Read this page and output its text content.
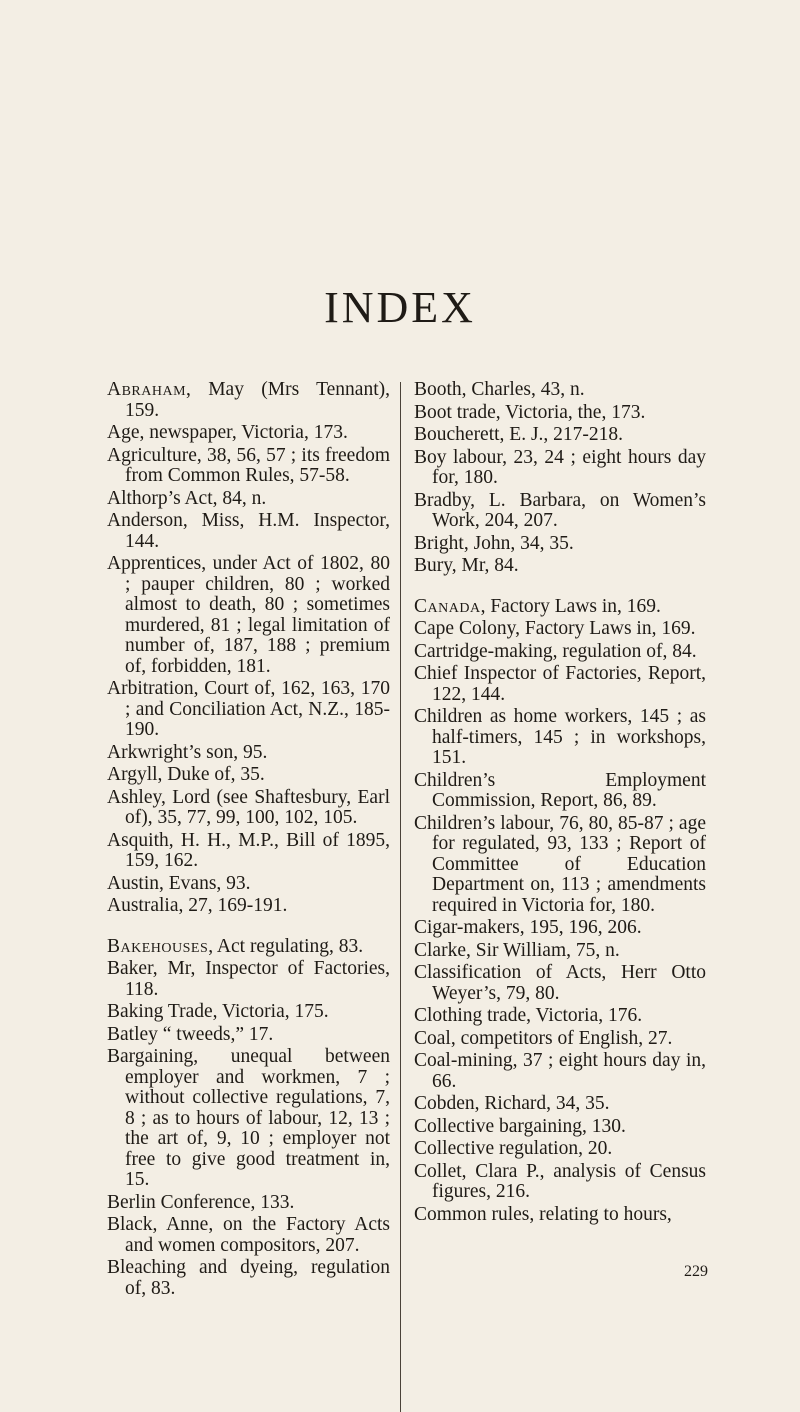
INDEX

Abraham, May (Mrs Tennant), 159.

Age, newspaper, Victoria, 173.

Agriculture, 38, 56, 57 ; its freedom from Common Rules, 57-58.

Althorp’s Act, 84, n.

Anderson, Miss, H.M. Inspector, 144.

Apprentices, under Act of 1802, 80 ; pauper children, 80 ; worked almost to death, 80 ; sometimes murdered, 81 ; legal limitation of number of, 187, 188 ; premium of, forbidden, 181.

Arbitration, Court of, 162, 163, 170 ; and Conciliation Act, N.Z., 185-190.

Arkwright’s son, 95.

Argyll, Duke of, 35.

Ashley, Lord (see Shaftesbury, Earl of), 35, 77, 99, 100, 102, 105.

Asquith, H. H., M.P., Bill of 1895, 159, 162.

Austin, Evans, 93.

Australia, 27, 169-191.

Bakehouses, Act regulating, 83.

Baker, Mr, Inspector of Factories, 118.

Baking Trade, Victoria, 175.

Batley “ tweeds,” 17.

Bargaining, unequal between employer and workmen, 7 ; without collective regulations, 7, 8 ; as to hours of labour, 12, 13 ; the art of, 9, 10 ; employer not free to give good treatment in, 15.

Berlin Conference, 133.

Black, Anne, on the Factory Acts and women compositors, 207.

Bleaching and dyeing, regulation of, 83.

Booth, Charles, 43, n.

Boot trade, Victoria, the, 173.

Boucherett, E. J., 217-218.

Boy labour, 23, 24 ; eight hours day for, 180.

Bradby, L. Barbara, on Women’s Work, 204, 207.

Bright, John, 34, 35.

Bury, Mr, 84.

Canada, Factory Laws in, 169.

Cape Colony, Factory Laws in, 169.

Cartridge-making, regulation of, 84.

Chief Inspector of Factories, Report, 122, 144.

Children as home workers, 145 ; as half-timers, 145 ; in workshops, 151.

Children’s Employment Commission, Report, 86, 89.

Children’s labour, 76, 80, 85-87 ; age for regulated, 93, 133 ; Report of Committee of Education Department on, 113 ; amendments required in Victoria for, 180.

Cigar-makers, 195, 196, 206.

Clarke, Sir William, 75, n.

Classification of Acts, Herr Otto Weyer’s, 79, 80.

Clothing trade, Victoria, 176.

Coal, competitors of English, 27.

Coal-mining, 37 ; eight hours day in, 66.

Cobden, Richard, 34, 35.

Collective bargaining, 130.

Collective regulation, 20.

Collet, Clara P., analysis of Census figures, 216.

Common rules, relating to hours,

229
